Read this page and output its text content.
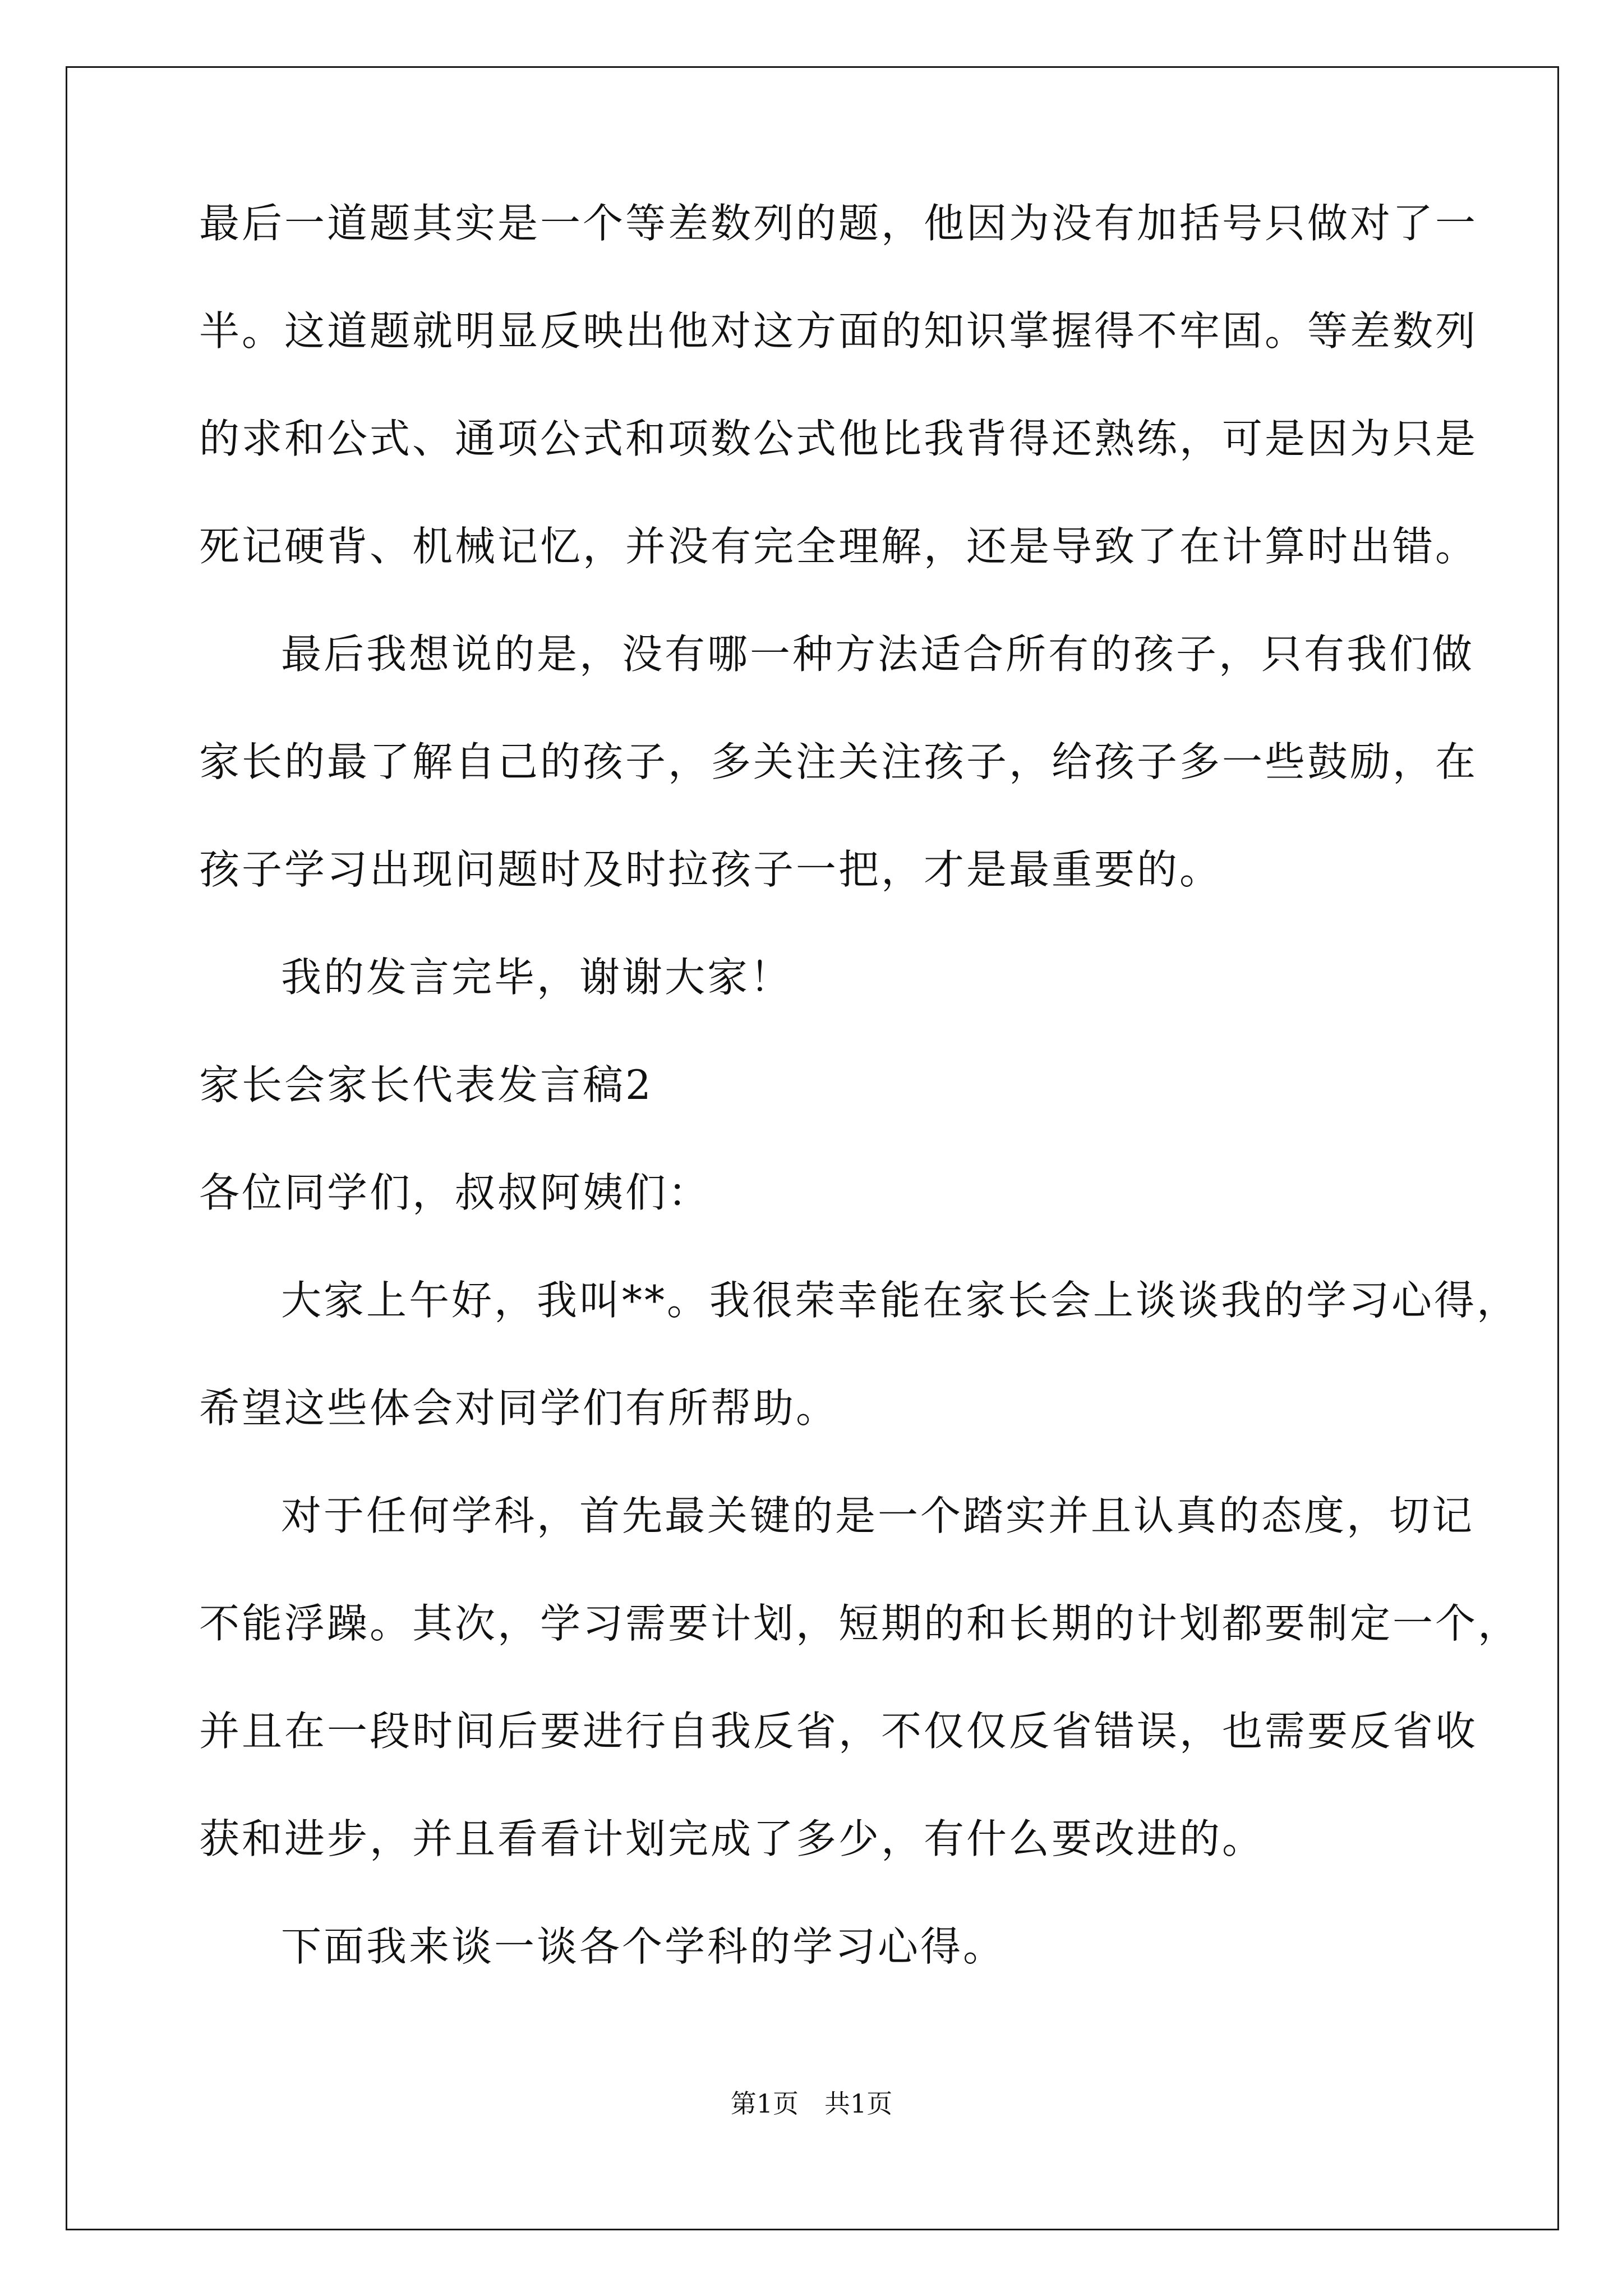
最后一道题其实是一个等差数列的题，他因为没有加括号只做对了一
半。这道题就明显反映出他对这方面的知识掌握得不牢固。等差数列
的求和公式、通项公式和项数公式他比我背得还熟练，可是因为只是
死记硬背、机械记忆，并没有完全理解，还是导致了在计算时出错。
最后我想说的是，没有哪一种方法适合所有的孩子，只有我们做
家长的最了解自己的孩子，多关注关注孩子，给孩子多一些鼓励，在
孩子学习出现问题时及时拉孩子一把，才是最重要的。
我的发言完毕，谢谢大家！
家长会家长代表发言稿2
各位同学们，叔叔阿姨们：
大家上午好，我叫**。我很荣幸能在家长会上谈谈我的学习心得，
希望这些体会对同学们有所帮助。
对于任何学科，首先最关键的是一个踏实并且认真的态度，切记
不能浮躁。其次，学习需要计划，短期的和长期的计划都要制定一个，
并且在一段时间后要进行自我反省，不仅仅反省错误，也需要反省收
获和进步，并且看看计划完成了多少，有什么要改进的。
下面我来谈一谈各个学科的学习心得。
第1页 共1页
